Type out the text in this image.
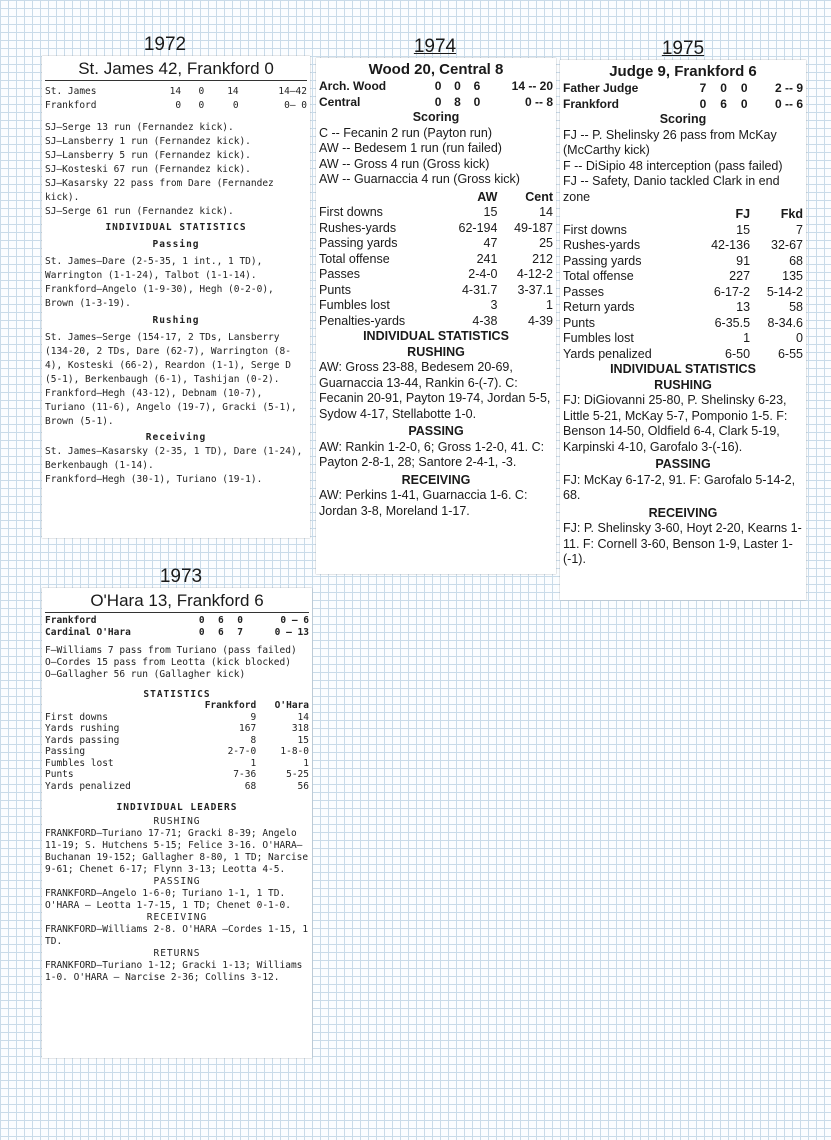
1972
St. James 42, Frankford 0
St. James	14	0	14	14—42
Frankford	0	0	0	0— 0

SJ—Serge 13 run (Fernandez kick).

SJ—Lansberry 1 run (Fernandez kick).

SJ—Lansberry 5 run (Fernandez kick).

SJ—Kosteski 67 run (Fernandez kick).

SJ—Kasarsky 22 pass from Dare (Fernandez kick).

SJ—Serge 61 run (Fernandez kick).

INDIVIDUAL STATISTICS
Passing

St. James—Dare (2-5-35, 1 int., 1 TD), Warrington (1-1-24), Talbot (1-1-14).

Frankford—Angelo (1-9-30), Hegh (0-2-0), Brown (1-3-19).

Rushing

St. James—Serge (154-17, 2 TDs, Lansberry (134-20, 2 TDs, Dare (62-7), Warrington (8-4), Kosteski (66-2), Reardon (1-1), Serge D (5-1), Berkenbaugh (6-1), Tashijan (0-2).

Frankford—Hegh (43-12), Debnam (10-7), Turiano (11-6), Angelo (19-7), Gracki (5-1), Brown (5-1).

Receiving

St. James—Kasarsky (2-35, 1 TD), Dare (1-24), Berkenbaugh (1-14).

Frankford—Hegh (30-1), Turiano (19-1).

1973
O'Hara 13, Frankford 6
Frankford	0	6	0	0 — 6
Cardinal O'Hara	0	6	7	0 — 13

F—Williams 7 pass from Turiano (pass failed)

O—Cordes 15 pass from Leotta (kick blocked)

O—Gallagher 56 run (Gallagher kick)

STATISTICS
	Frankford	O'Hara
First downs	9	14
Yards rushing	167	318
Yards passing	8	15
Passing	2-7-0	1-8-0
Fumbles lost	1	1
Punts	7-36	5-25
Yards penalized	68	56
INDIVIDUAL LEADERS
RUSHING
FRANKFORD—Turiano 17-71; Gracki 8-39; Angelo 11-19; S. Hutchens 5-15; Felice 3-16. O'HARA—Buchanan 19-152; Gallagher 8-80, 1 TD; Narcise 9-61; Chenet 6-17; Flynn 3-13; Leotta 4-5.
PASSING
FRANKFORD—Angelo 1-6-0; Turiano 1-1, 1 TD. O'HARA — Leotta 1-7-15, 1 TD; Chenet 0-1-0.
RECEIVING
FRANKFORD—Williams 2-8. O'HARA —Cordes 1-15, 1 TD.
RETURNS
FRANKFORD—Turiano 1-12; Gracki 1-13; Williams 1-0. O'HARA — Narcise 2-36; Collins 3-12.
1974
Wood 20, Central 8
Arch. Wood	0	0	6	14 -- 20
Central	0	8	0	0 -- 8
Scoring

C -- Fecanin 2 run (Payton run)

AW -- Bedesem 1 run (run failed)

AW -- Gross 4 run (Gross kick)

AW -- Guarnaccia 4 run (Gross kick)

	AW	Cent
First downs	15	14
Rushes-yards	62-194	49-187
Passing yards	47	25
Total offense	241	212
Passes	2-4-0	4-12-2
Punts	4-31.7	3-37.1
Fumbles lost	3	1
Penalties-yards	4-38	4-39
INDIVIDUAL STATISTICS
RUSHING
AW: Gross 23-88, Bedesem 20-69, Guarnaccia 13-44, Rankin 6-(-7). C: Fecanin 20-91, Payton 19-74, Jordan 5-5, Sydow 4-17, Stellabotte 1-0.
PASSING
AW: Rankin 1-2-0, 6; Gross 1-2-0, 41. C: Payton 2-8-1, 28; Santore 2-4-1, -3.
RECEIVING
AW: Perkins 1-41, Guarnaccia 1-6. C: Jordan 3-8, Moreland 1-17.
1975
Judge 9, Frankford 6
Father Judge	7	0	0	2 -- 9
Frankford	0	6	0	0 -- 6
Scoring

FJ -- P. Shelinsky 26 pass from McKay (McCarthy kick)

F -- DiSipio 48 interception (pass failed)

FJ -- Safety, Danio tackled Clark in end zone

	FJ	Fkd
First downs	15	7
Rushes-yards	42-136	32-67
Passing yards	91	68
Total offense	227	135
Passes	6-17-2	5-14-2
Return yards	13	58
Punts	6-35.5	8-34.6
Fumbles lost	1	0
Yards penalized	6-50	6-55
INDIVIDUAL STATISTICS
RUSHING
FJ: DiGiovanni 25-80, P. Shelinsky 6-23, Little 5-21, McKay 5-7, Pomponio 1-5. F: Benson 14-50, Oldfield 6-4, Clark 5-19, Karpinski 4-10, Garofalo 3-(-16).
PASSING
FJ: McKay 6-17-2, 91. F: Garofalo 5-14-2, 68.
RECEIVING
FJ: P. Shelinsky 3-60, Hoyt 2-20, Kearns 1-11. F: Cornell 3-60, Benson 1-9, Laster 1-(-1).
